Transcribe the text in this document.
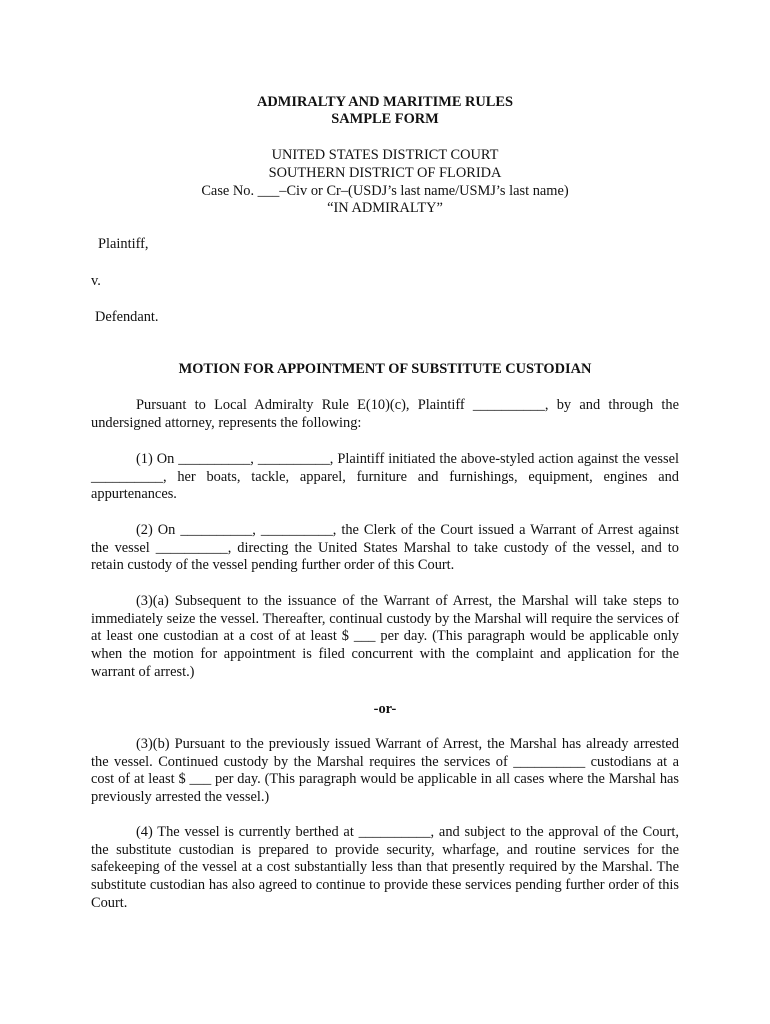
ADMIRALTY AND MARITIME RULES
SAMPLE FORM
UNITED STATES DISTRICT COURT
SOUTHERN DISTRICT OF FLORIDA
Case No. ___–Civ or Cr–(USDJ’s last name/USMJ’s last name)
“IN ADMIRALTY”
Plaintiff,
v.
Defendant.
MOTION FOR APPOINTMENT OF SUBSTITUTE CUSTODIAN

Pursuant to Local Admiralty Rule E(10)(c), Plaintiff __________, by and through the undersigned attorney, represents the following:

(1) On __________, __________, Plaintiff initiated the above-styled action against the vessel __________, her boats, tackle, apparel, furniture and furnishings, equipment, engines and appurtenances.

(2) On __________, __________, the Clerk of the Court issued a Warrant of Arrest against the vessel __________, directing the United States Marshal to take custody of the vessel, and to retain custody of the vessel pending further order of this Court.

(3)(a) Subsequent to the issuance of the Warrant of Arrest, the Marshal will take steps to immediately seize the vessel. Thereafter, continual custody by the Marshal will require the services of at least one custodian at a cost of at least $ ___ per day. (This paragraph would be applicable only when the motion for appointment is filed concurrent with the complaint and application for the warrant of arrest.)

-or-

(3)(b) Pursuant to the previously issued Warrant of Arrest, the Marshal has already arrested the vessel. Continued custody by the Marshal requires the services of __________ custodians at a cost of at least $ ___ per day. (This paragraph would be applicable in all cases where the Marshal has previously arrested the vessel.)

(4) The vessel is currently berthed at __________, and subject to the approval of the Court, the substitute custodian is prepared to provide security, wharfage, and routine services for the safekeeping of the vessel at a cost substantially less than that presently required by the Marshal. The substitute custodian has also agreed to continue to provide these services pending further order of this Court.
